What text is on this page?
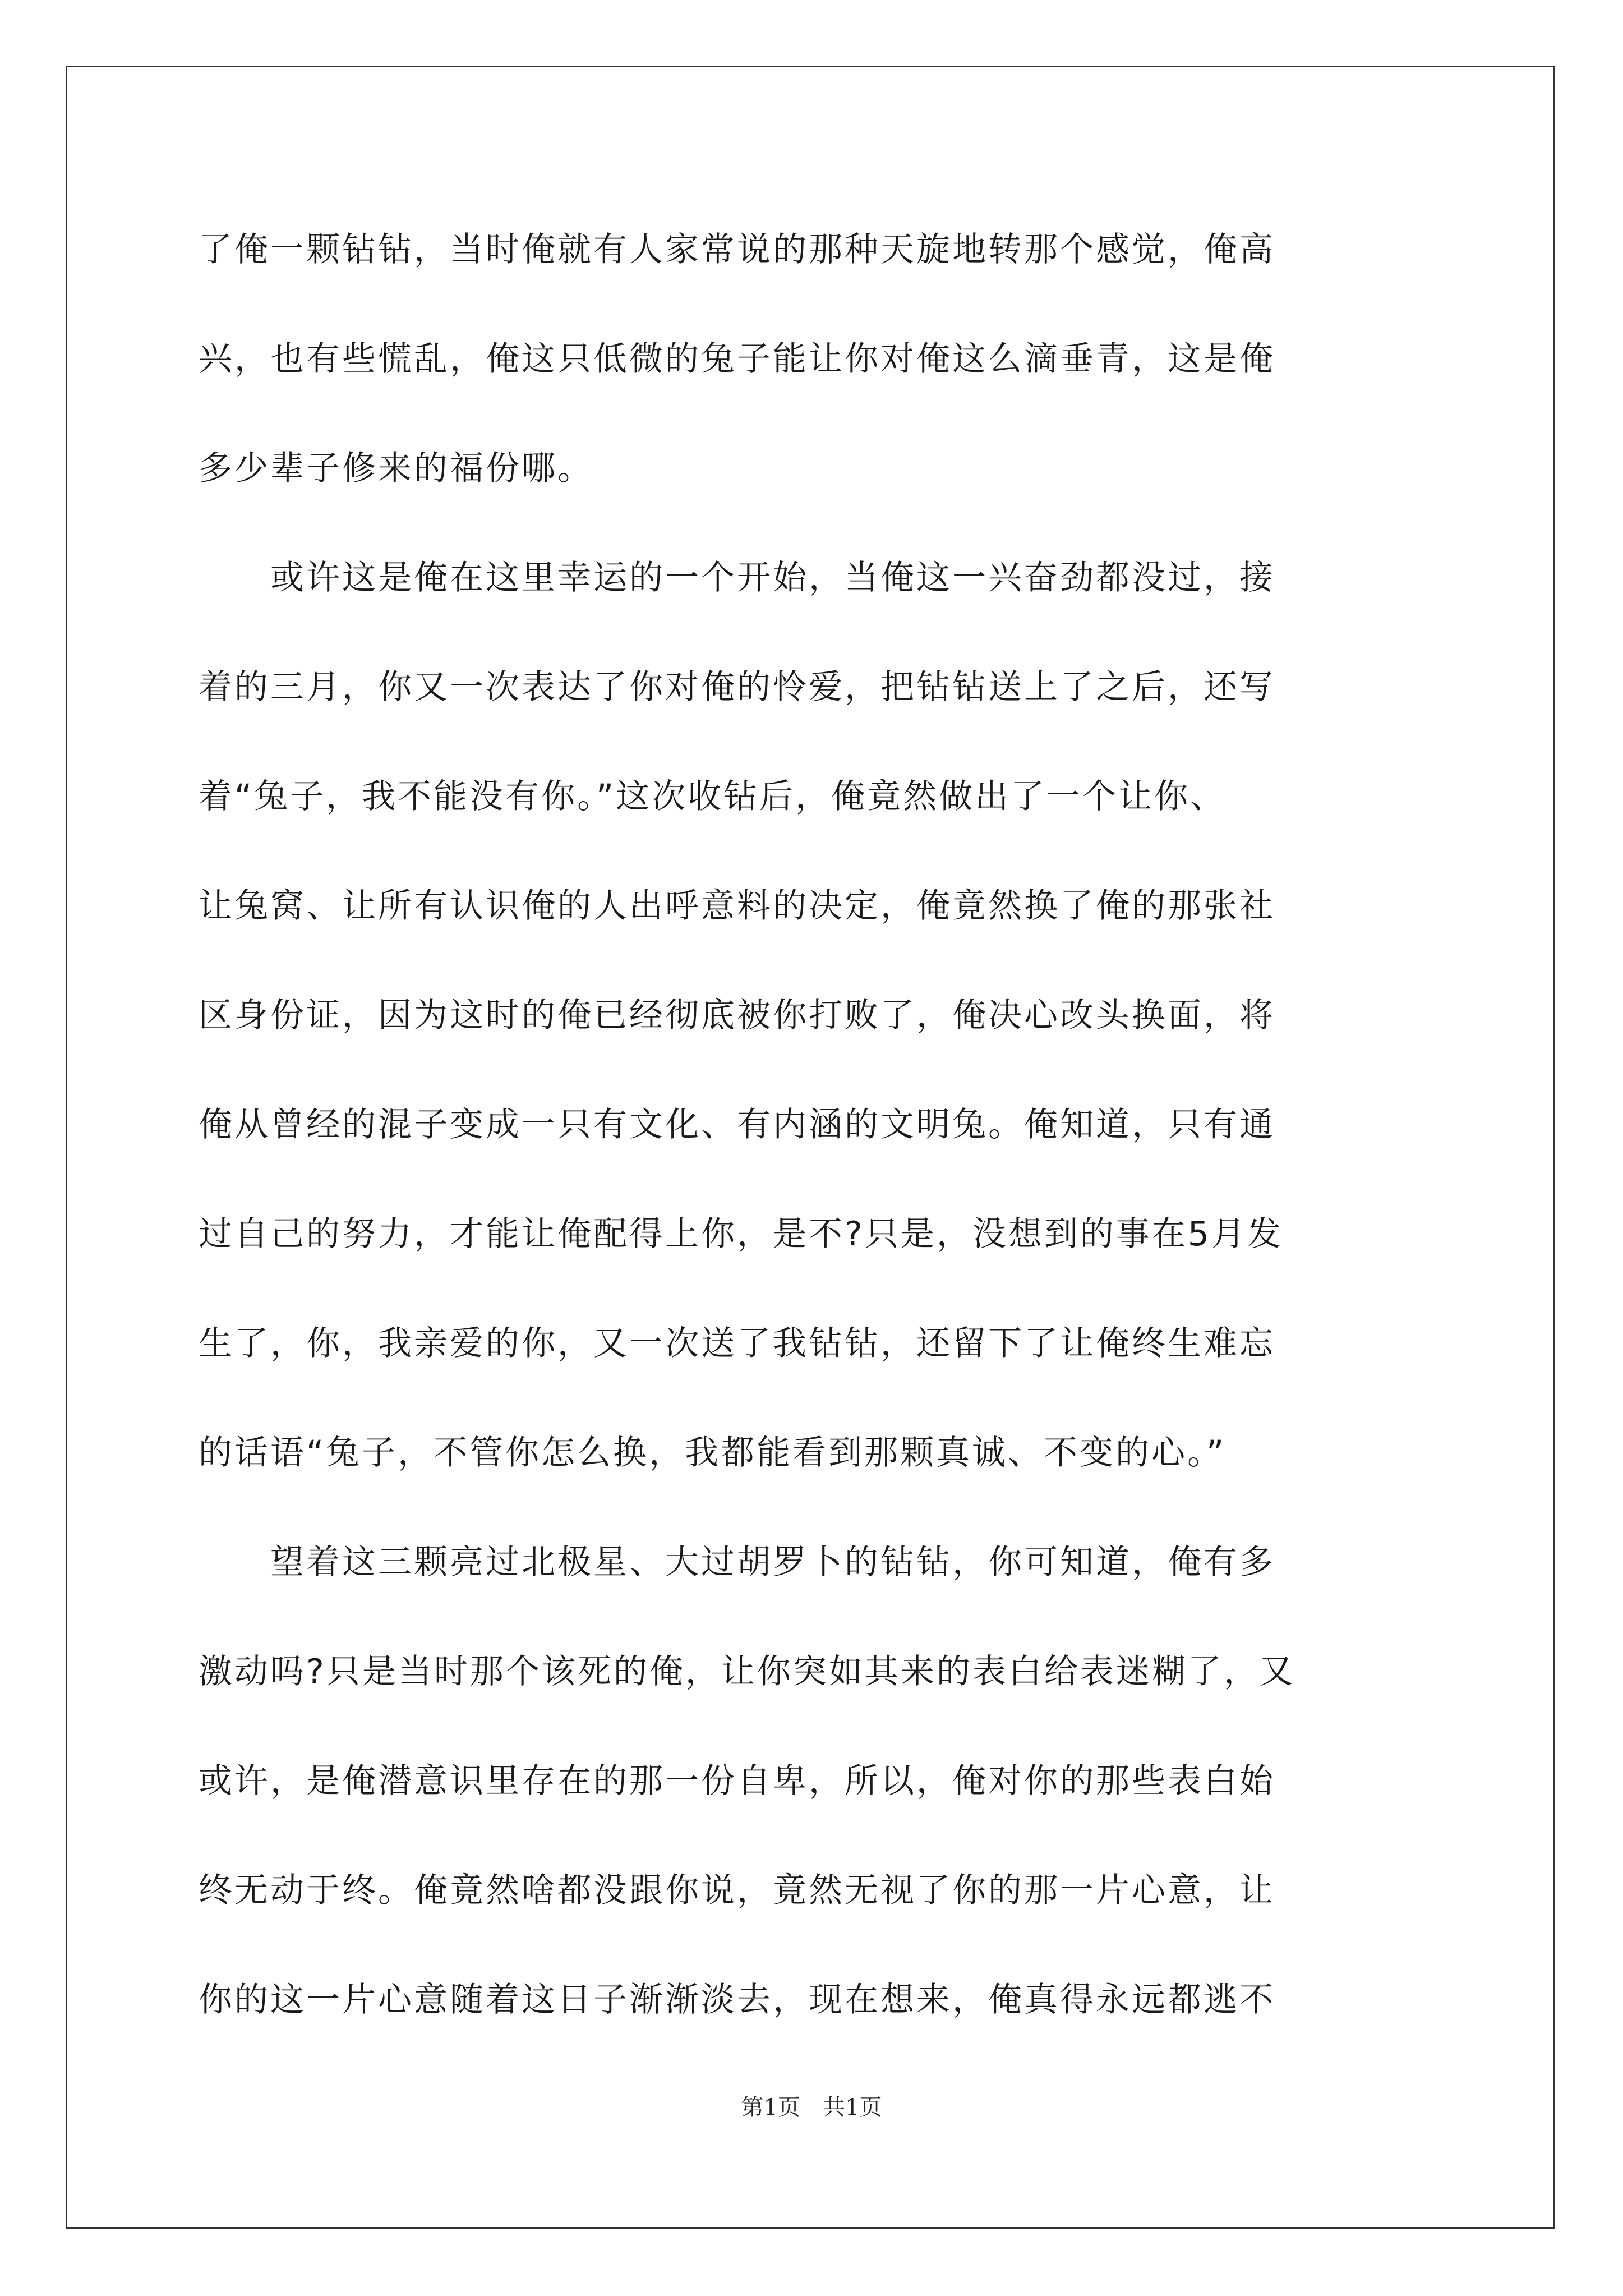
了俺一颗钻钻，当时俺就有人家常说的那种天旋地转那个感觉，俺高
兴，也有些慌乱，俺这只低微的兔子能让你对俺这么滴垂青，这是俺
多少辈子修来的福份哪。

或许这是俺在这里幸运的一个开始，当俺这一兴奋劲都没过，接
着的三月，你又一次表达了你对俺的怜爱，把钻钻送上了之后，还写
着“兔子，我不能没有你。”这次收钻后，俺竟然做出了一个让你、
让兔窝、让所有认识俺的人出呼意料的决定，俺竟然换了俺的那张社
区身份证，因为这时的俺已经彻底被你打败了，俺决心改头换面，将
俺从曾经的混子变成一只有文化、有内涵的文明兔。俺知道，只有通
过自己的努力，才能让俺配得上你，是不?只是，没想到的事在5月发
生了，你，我亲爱的你，又一次送了我钻钻，还留下了让俺终生难忘
的话语“兔子，不管你怎么换，我都能看到那颗真诚、不变的心。”

望着这三颗亮过北极星、大过胡罗卜的钻钻，你可知道，俺有多
激动吗?只是当时那个该死的俺，让你突如其来的表白给表迷糊了，又
或许，是俺潜意识里存在的那一份自卑，所以，俺对你的那些表白始
终无动于终。俺竟然啥都没跟你说，竟然无视了你的那一片心意，让
你的这一片心意随着这日子渐渐淡去，现在想来，俺真得永远都逃不

第1页 共1页
